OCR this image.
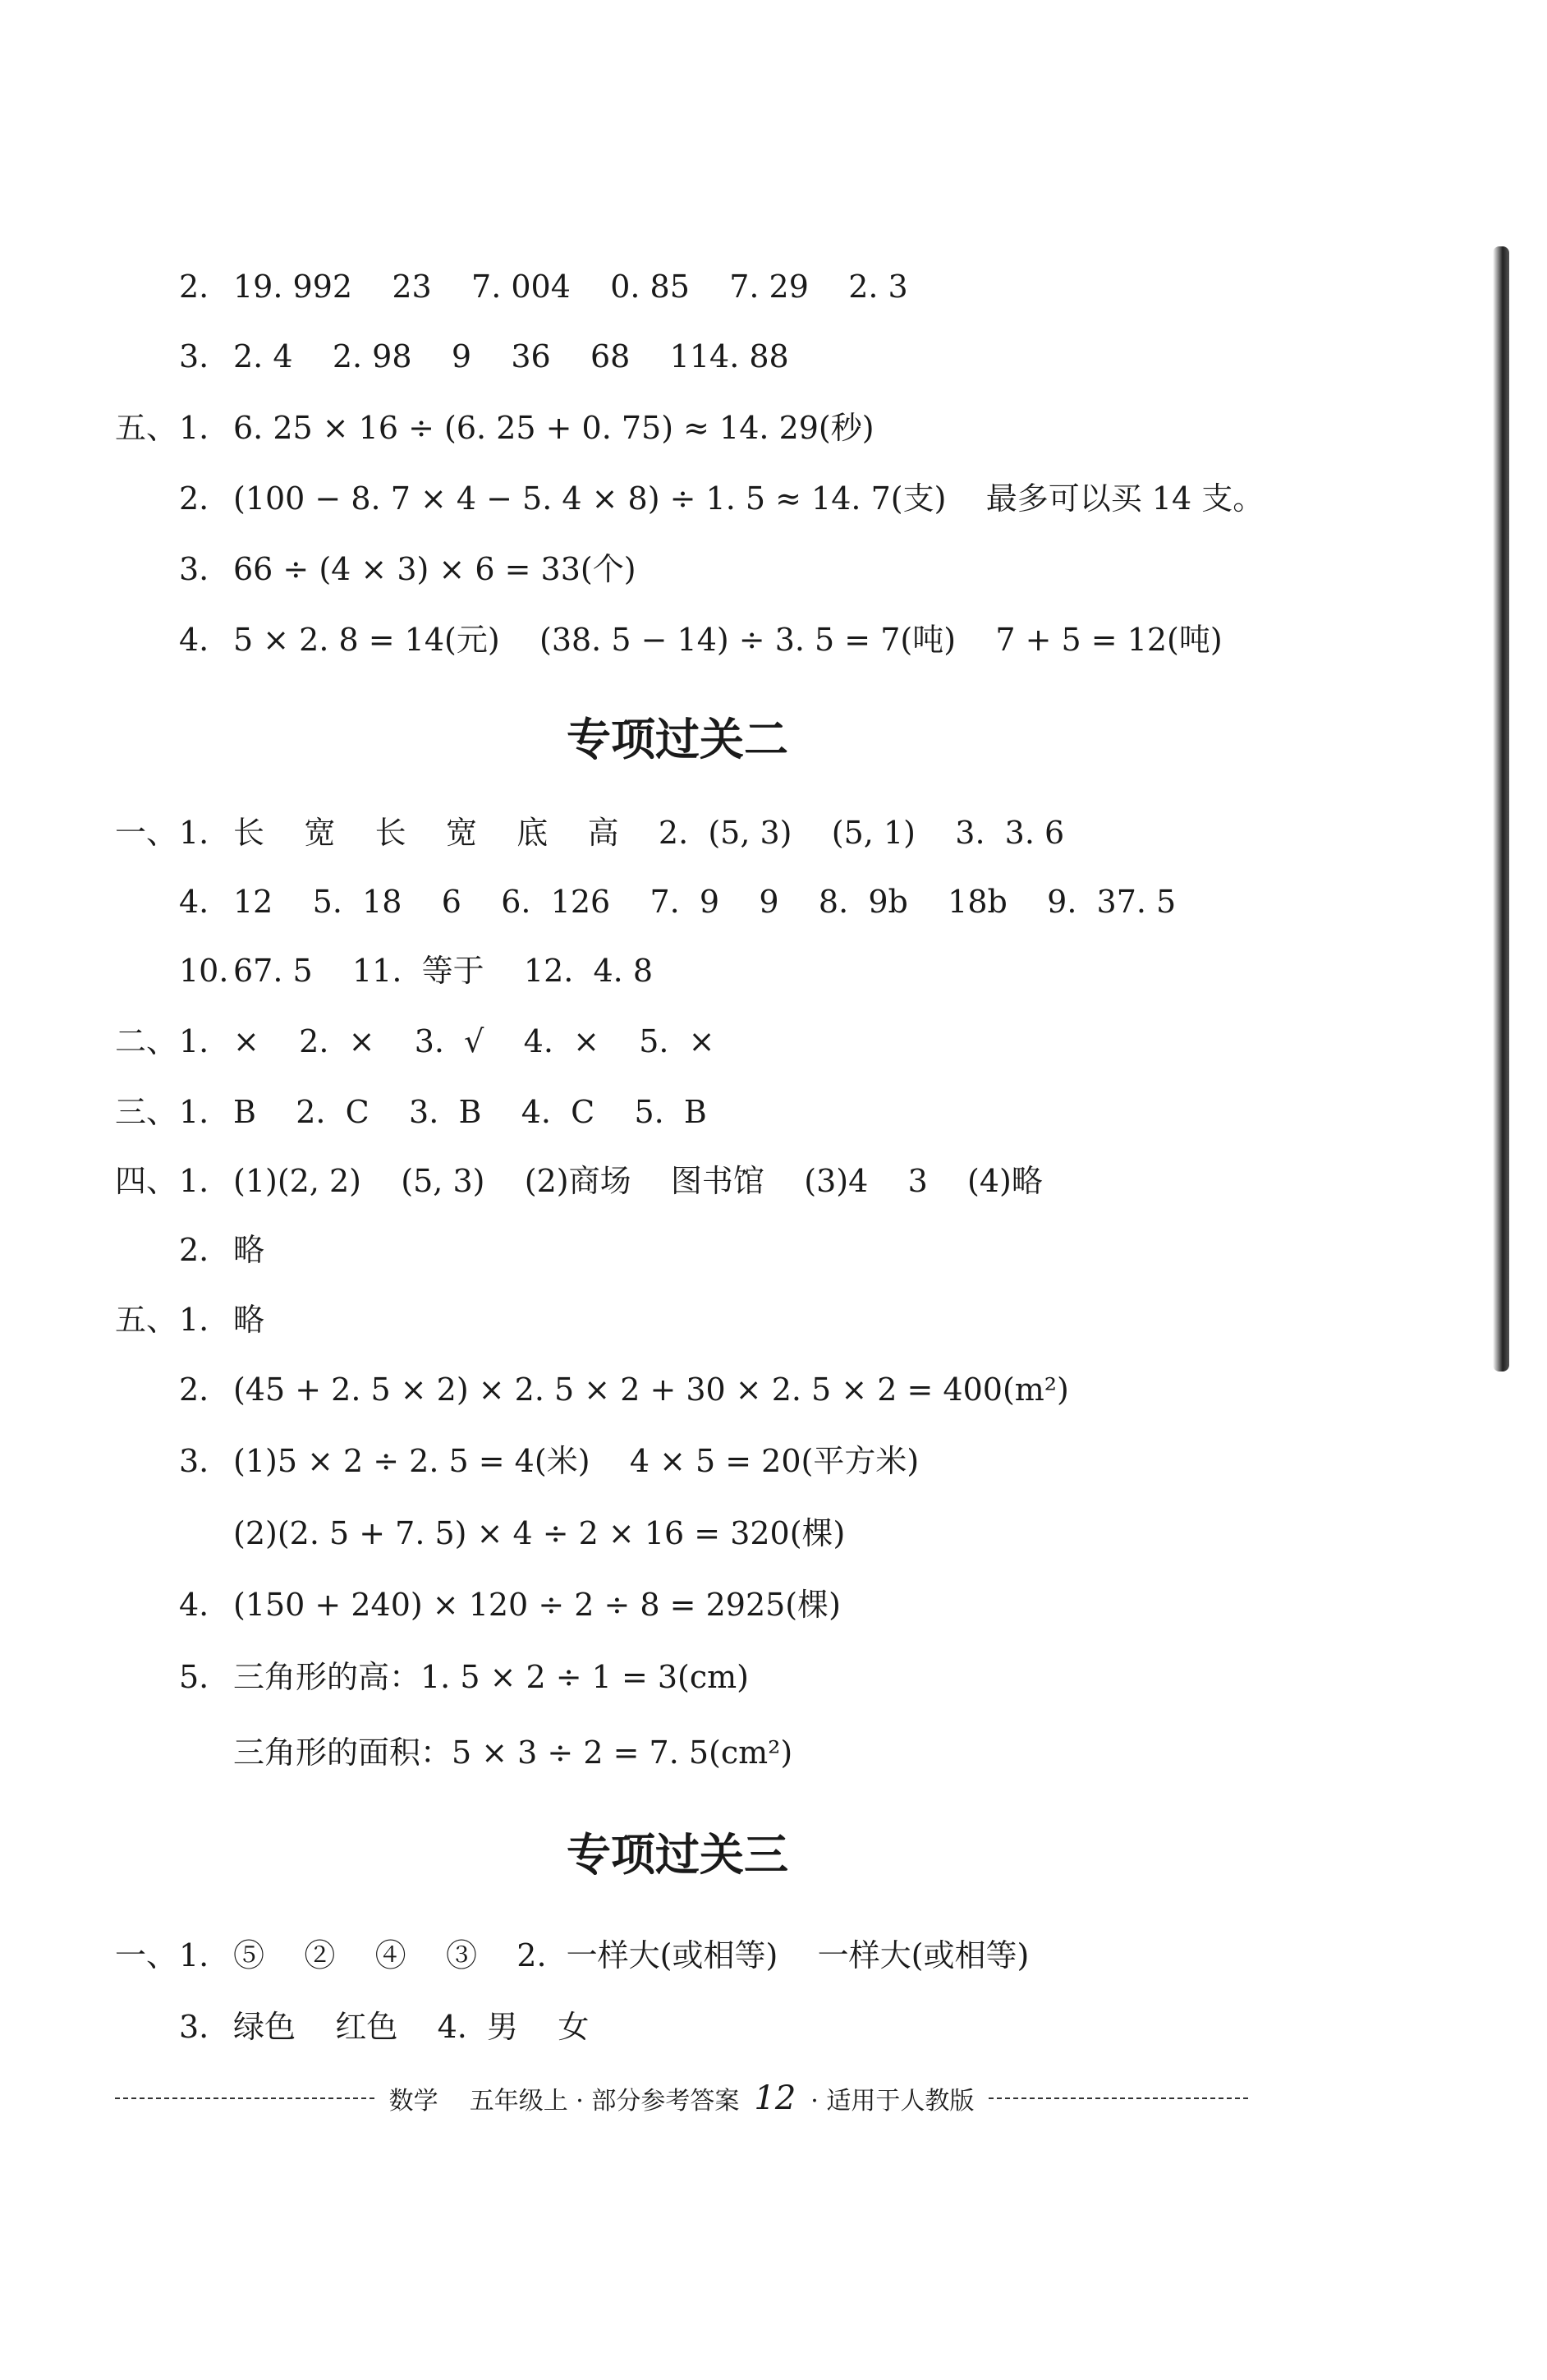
数学    五年级上 · 部分参考答案 12 · 适用于人教版
2. 19. 992    23    7. 004    0. 85    7. 29    2. 3
3. 2. 4    2. 98    9    36    68    114. 88
五、 1. 6. 25 × 16 ÷ (6. 25 + 0. 75) ≈ 14. 29(秒)
2. (100 − 8. 7 × 4 − 5. 4 × 8) ÷ 1. 5 ≈ 14. 7(支)    最多可以买 14 支。
3. 66 ÷ (4 × 3) × 6 = 33(个)
4. 5 × 2. 8 = 14(元)    (38. 5 − 14) ÷ 3. 5 = 7(吨)    7 + 5 = 12(吨)
专项过关二
一、 1. 长    宽    长    宽    底    高    2.  (5, 3)    (5, 1)    3.  3. 6
4. 12    5.  18    6    6.  126    7.  9    9    8.  9b    18b    9.  37. 5
10. 67. 5    11.  等于    12.  4. 8
二、 1. ×    2.  ×    3.  √    4.  ×    5.  ×
三、 1. B    2.  C    3.  B    4.  C    5.  B
四、 1. (1)(2, 2)    (5, 3)    (2)商场    图书馆    (3)4    3    (4)略
2. 略
五、 1. 略
2. (45 + 2. 5 × 2) × 2. 5 × 2 + 30 × 2. 5 × 2 = 400(m²)
3. (1)5 × 2 ÷ 2. 5 = 4(米)    4 × 5 = 20(平方米)
(2)(2. 5 + 7. 5) × 4 ÷ 2 × 16 = 320(棵)
4. (150 + 240) × 120 ÷ 2 ÷ 8 = 2925(棵)
5. 三角形的高：1. 5 × 2 ÷ 1 = 3(cm)
三角形的面积：5 × 3 ÷ 2 = 7. 5(cm²)
专项过关三
一、 1. ⑤    ②    ④    ③    2.  一样大(或相等)    一样大(或相等)
3. 绿色    红色    4.  男    女
